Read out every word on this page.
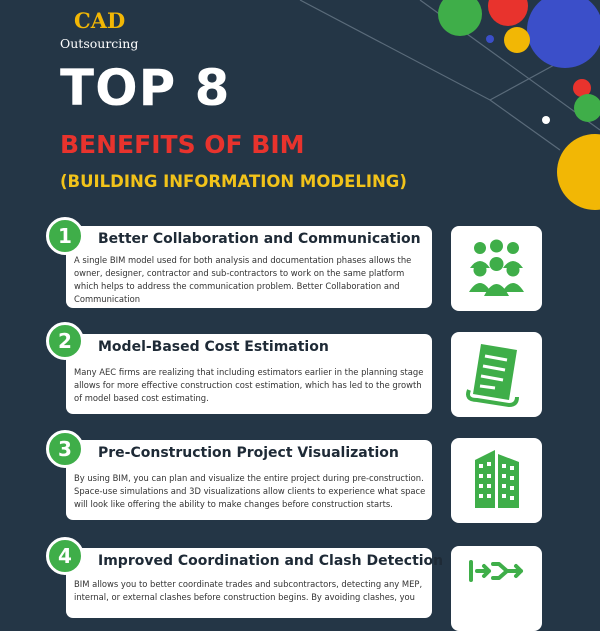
CAD
Outsourcing
TOP 8
BENEFITS OF BIM
(BUILDING INFORMATION MODELING)
Better Collaboration and Communication
A single BIM model used for both analysis and documentation phases allows the owner, designer, contractor and sub-contractors to work on the same platform which helps to address the communication problem. Better Collaboration and Communication
1
Model-Based Cost Estimation
Many AEC firms are realizing that including estimators earlier in the planning stage allows for more effective construction cost estimation, which has led to the growth of model based cost estimating.
2
Pre-Construction Project Visualization
By using BIM, you can plan and visualize the entire project during pre-construction. Space-use simulations and 3D visualizations allow clients to experience what space will look like offering the ability to make changes before construction starts.
3
Improved Coordination and Clash Detection
BIM allows you to better coordinate trades and subcontractors, detecting any MEP, internal, or external clashes before construction begins. By avoiding clashes, you
4
